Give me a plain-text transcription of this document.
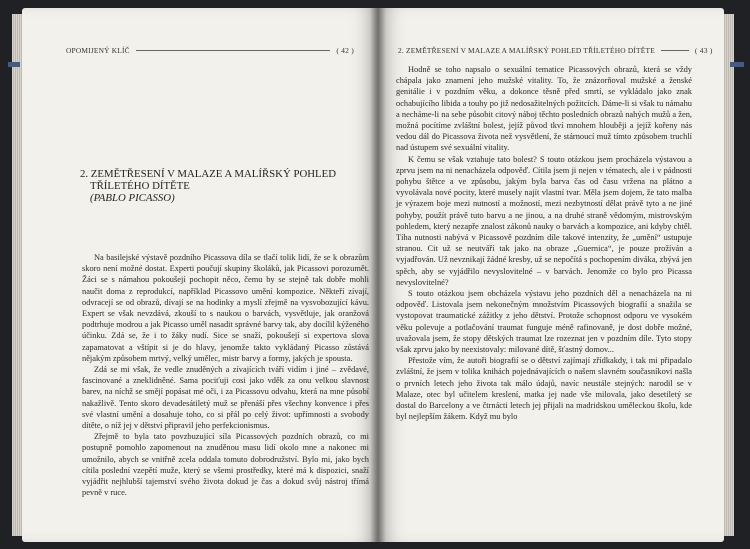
OPOMIJENÝ KLÍČ	( 42 )
2. ZEMĚTŘESENÍ V MALAZE A MALÍŘSKÝ POHLED
TŘÍLETÉHO DÍTĚTE
(PABLO PICASSO)

Na basilejské výstavě pozdního Picassova díla se tlačí tolik lidí, že se k obrazům skoro není možné dostat. Experti poučují skupiny školáků, jak Picassovi porozumět. Žáci se s námahou pokoušejí pochopit něco, čemu by se stejně tak dobře mohli naučit doma z reprodukcí, například Picassovo umění kompozice. Někteří zívají, odvracejí se od obrazů, dívají se na hodinky a myslí zřejmě na vysvobozující kávu. Expert se však nevzdává, zkouší to s naukou o barvách, vysvětluje, jak oranžová podtrhuje modrou a jak Picasso uměl nasadit správné barvy tak, aby docílil kýženého účinku. Zdá se, že i to žáky nudí. Sice se snaží, pokoušejí si expertova slova zapamatovat a vštípit si je do hlavy, jenomže takto vykládaný Picasso zůstává nějakým způsobem mrtvý, velký umělec, mistr barvy a formy, jakých je spousta.

Zdá se mi však, že vedle znuděných a zívajících tváří vidím i jiné – zvědavé, fascinované a zneklidněné. Sama pociťuji cosi jako vděk za onu velkou slavnost barev, na níchž se smějí popásat mé oči, i za Picassovu odvahu, která na mne působí nakažlivě. Tento skoro devadesátiletý muž se přenáší přes všechny konvence i přes své vlastní umění a dosahuje toho, co si přál po celý život: upřímnosti a svobody dítěte, o níž jej v dětství připravil jeho perfekcionismus.

Zřejmě to byla tato povzbuzující síla Picassových pozdních obrazů, co mi postupně pomohlo zapomenout na znuděnou masu lidí okolo mne a nakonec mi umožnilo, abych se vnitřně zcela oddala tomuto dobrodružství. Bylo mi, jako bych cítila poslední vzepětí muže, který se všemi prostředky, které má k dispozici, snaží vyjádřit nejhlubší tajemství svého života dokud je čas a dokud svůj nástroj třímá pevně v ruce.

2. ZEMĚTŘESENÍ V MALAZE A MALÍŘSKÝ POHLED TŘÍLETÉHO DÍTĚTE	( 43 )

Hodně se toho napsalo o sexuální tematice Picassových obrazů, která se vždy chápala jako znamení jeho mužské vitality. To, že znázorňoval mužské a ženské genitálie i v pozdním věku, a dokonce těsně před smrtí, se vykládalo jako znak ochabujícího libida a touhy po již nedosažitelných požitcích. Dáme-li si však tu námahu a necháme-li na sebe působit citový náboj těchto posledních obrazů nahých mužů a žen, možná pocítíme zvláštní bolest, jejíž původ tkví mnohem hlouběji a jejíž kořeny nás vedou dál do Picassova života než vysvětlení, že stárnoucí muž tímto způsobem truchlí nad ústupem své sexuální vitality.

K čemu se však vztahuje tato bolest? S touto otázkou jsem procházela výstavou a zprvu jsem na ni nenacházela odpověď. Cítila jsem ji nejen v tématech, ale i v pádnosti pohybu štětce a ve způsobu, jakým byla barva čas od času vržena na plátno a vyvolávala nové pocity, které musely najít vlastní tvar. Měla jsem dojem, že tato malba je výrazem boje mezi nutností a možností, mezi nezbytností dělat právě tyto a ne jiné pohyby, použít právě tuto barvu a ne jinou, a na druhé straně vědomým, mistrovským pohledem, který nezapře znalost zákonů nauky o barvách a kompozice, ani kdyby chtěl. Tíha nutnosti nabývá v Picassově pozdním díle takové intenzity, že „umění“ ustupuje stranou. Cit už se neutváří tak jako na obraze „Guernica“, je pouze prožíván a vyjadřován. Už nevznikají žádné kresby, už se nepočítá s pochopením diváka, zbývá jen spěch, aby se vyjádřilo nevyslovitelné – v barvách. Jenomže co bylo pro Picassa nevyslovitelné?

S touto otázkou jsem obcházela výstavu jeho pozdních děl a nenacházela na ni odpověď. Listovala jsem nekonečným množstvím Picassových biografií a snažila se vystopovat traumatické zážitky z jeho dětství. Protože schopnost odporu ve vysokém věku polevuje a potlačování traumat funguje méně rafinovaně, je dost dobře možné, uvažovala jsem, že stopy dětských traumat lze rozeznat jen v pozdním díle. Tyto stopy však zprvu jako by neexistovaly: milované dítě, šťastný domov...

Přestože vím, že autoři biografií se o dětství zajímají zřídkakdy, i tak mi připadalo zvláštní, že jsem v tolika knihách pojednávajících o našem slavném současníkovi našla o prvních letech jeho života tak málo údajů, navíc neustále stejných: narodil se v Malaze, otec byl učitelem kreslení, matka jej nade vše milovala, jako desetiletý se dostal do Barcelony a ve čtrnácti letech jej přijali na madridskou uměleckou školu, kde byl nejlepším žákem. Když mu bylo
